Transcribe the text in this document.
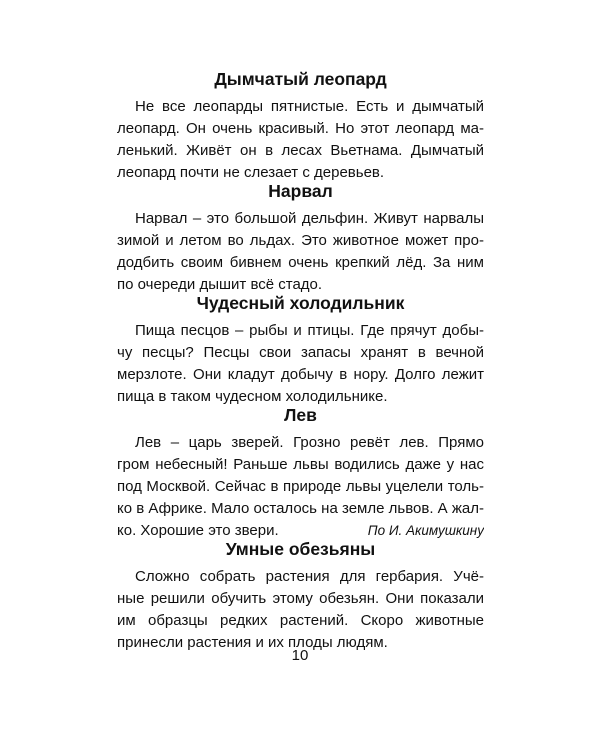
Дымчатый леопард
Не все леопарды пятнистые. Есть и дымчатый
леопард. Он очень красивый. Но этот леопард ма-
ленький. Живёт он в лесах Вьетнама. Дымчатый
леопард почти не слезает с деревьев.
Нарвал
Нарвал – это большой дельфин. Живут нарвалы
зимой и летом во льдах. Это животное может про-
додбить своим бивнем очень крепкий лёд. За ним
по очереди дышит всё стадо.
Чудесный холодильник
Пища песцов – рыбы и птицы. Где прячут добы-
чу песцы? Песцы свои запасы хранят в вечной
мерзлоте. Они кладут добычу в нору. Долго лежит
пища в таком чудесном холодильнике.
Лев
Лев – царь зверей. Грозно ревёт лев. Прямо
гром небесный! Раньше львы водились даже у нас
под Москвой. Сейчас в природе львы уцелели толь-
ко в Африке. Мало осталось на земле львов. А жал-
ко. Хорошие это звери.	По И. Акимушкину
Умные обезьяны
Сложно собрать растения для гербария. Учё-
ные решили обучить этому обезьян. Они показали
им образцы редких растений. Скоро животные
принесли растения и их плоды людям.
10
